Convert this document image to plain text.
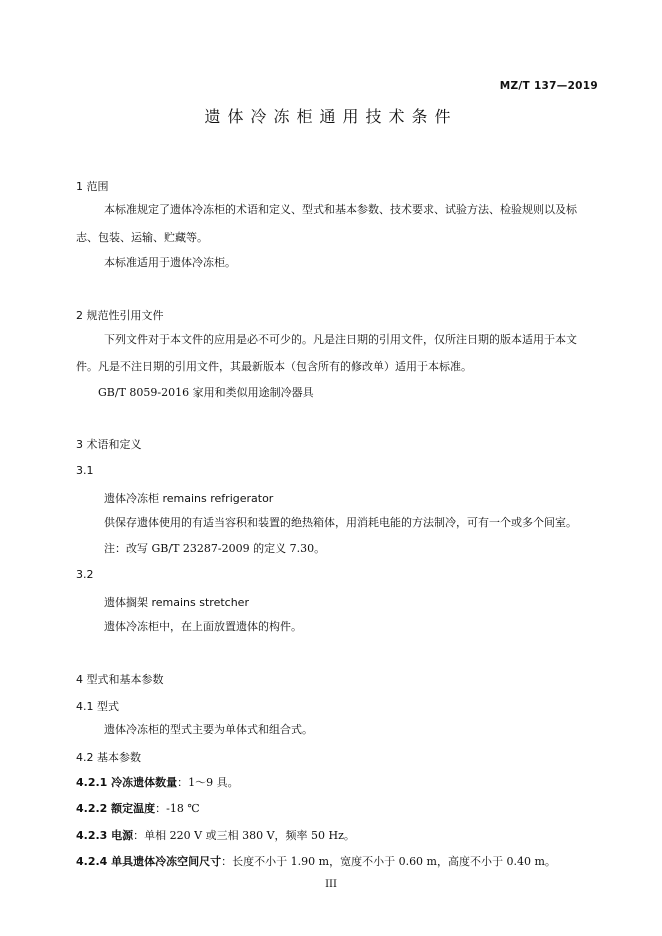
MZ/T 137—2019
遗体冷冻柜通用技术条件
1 范围
本标准规定了遗体冷冻柜的术语和定义、型式和基本参数、技术要求、试验方法、检验规则以及标
志、包装、运输、贮藏等。
本标准适用于遗体冷冻柜。
2 规范性引用文件
下列文件对于本文件的应用是必不可少的。凡是注日期的引用文件，仅所注日期的版本适用于本文
件。凡是不注日期的引用文件，其最新版本（包含所有的修改单）适用于本标准。
GB/T 8059-2016 家用和类似用途制冷器具
3 术语和定义
3.1
遗体冷冻柜 remains refrigerator
供保存遗体使用的有适当容积和装置的绝热箱体，用消耗电能的方法制冷，可有一个或多个间室。
注：改写 GB/T 23287-2009 的定义 7.30。
3.2
遗体搁架 remains stretcher
遗体冷冻柜中，在上面放置遗体的构件。
4 型式和基本参数
4.1 型式
遗体冷冻柜的型式主要为单体式和组合式。
4.2 基本参数
4.2.1 冷冻遗体数量：1～9 具。
4.2.2 额定温度：-18 ℃
4.2.3 电源：单相 220 V 或三相 380 V，频率 50 Hz。
4.2.4 单具遗体冷冻空间尺寸：长度不小于 1.90 m，宽度不小于 0.60 m，高度不小于 0.40 m。
III
